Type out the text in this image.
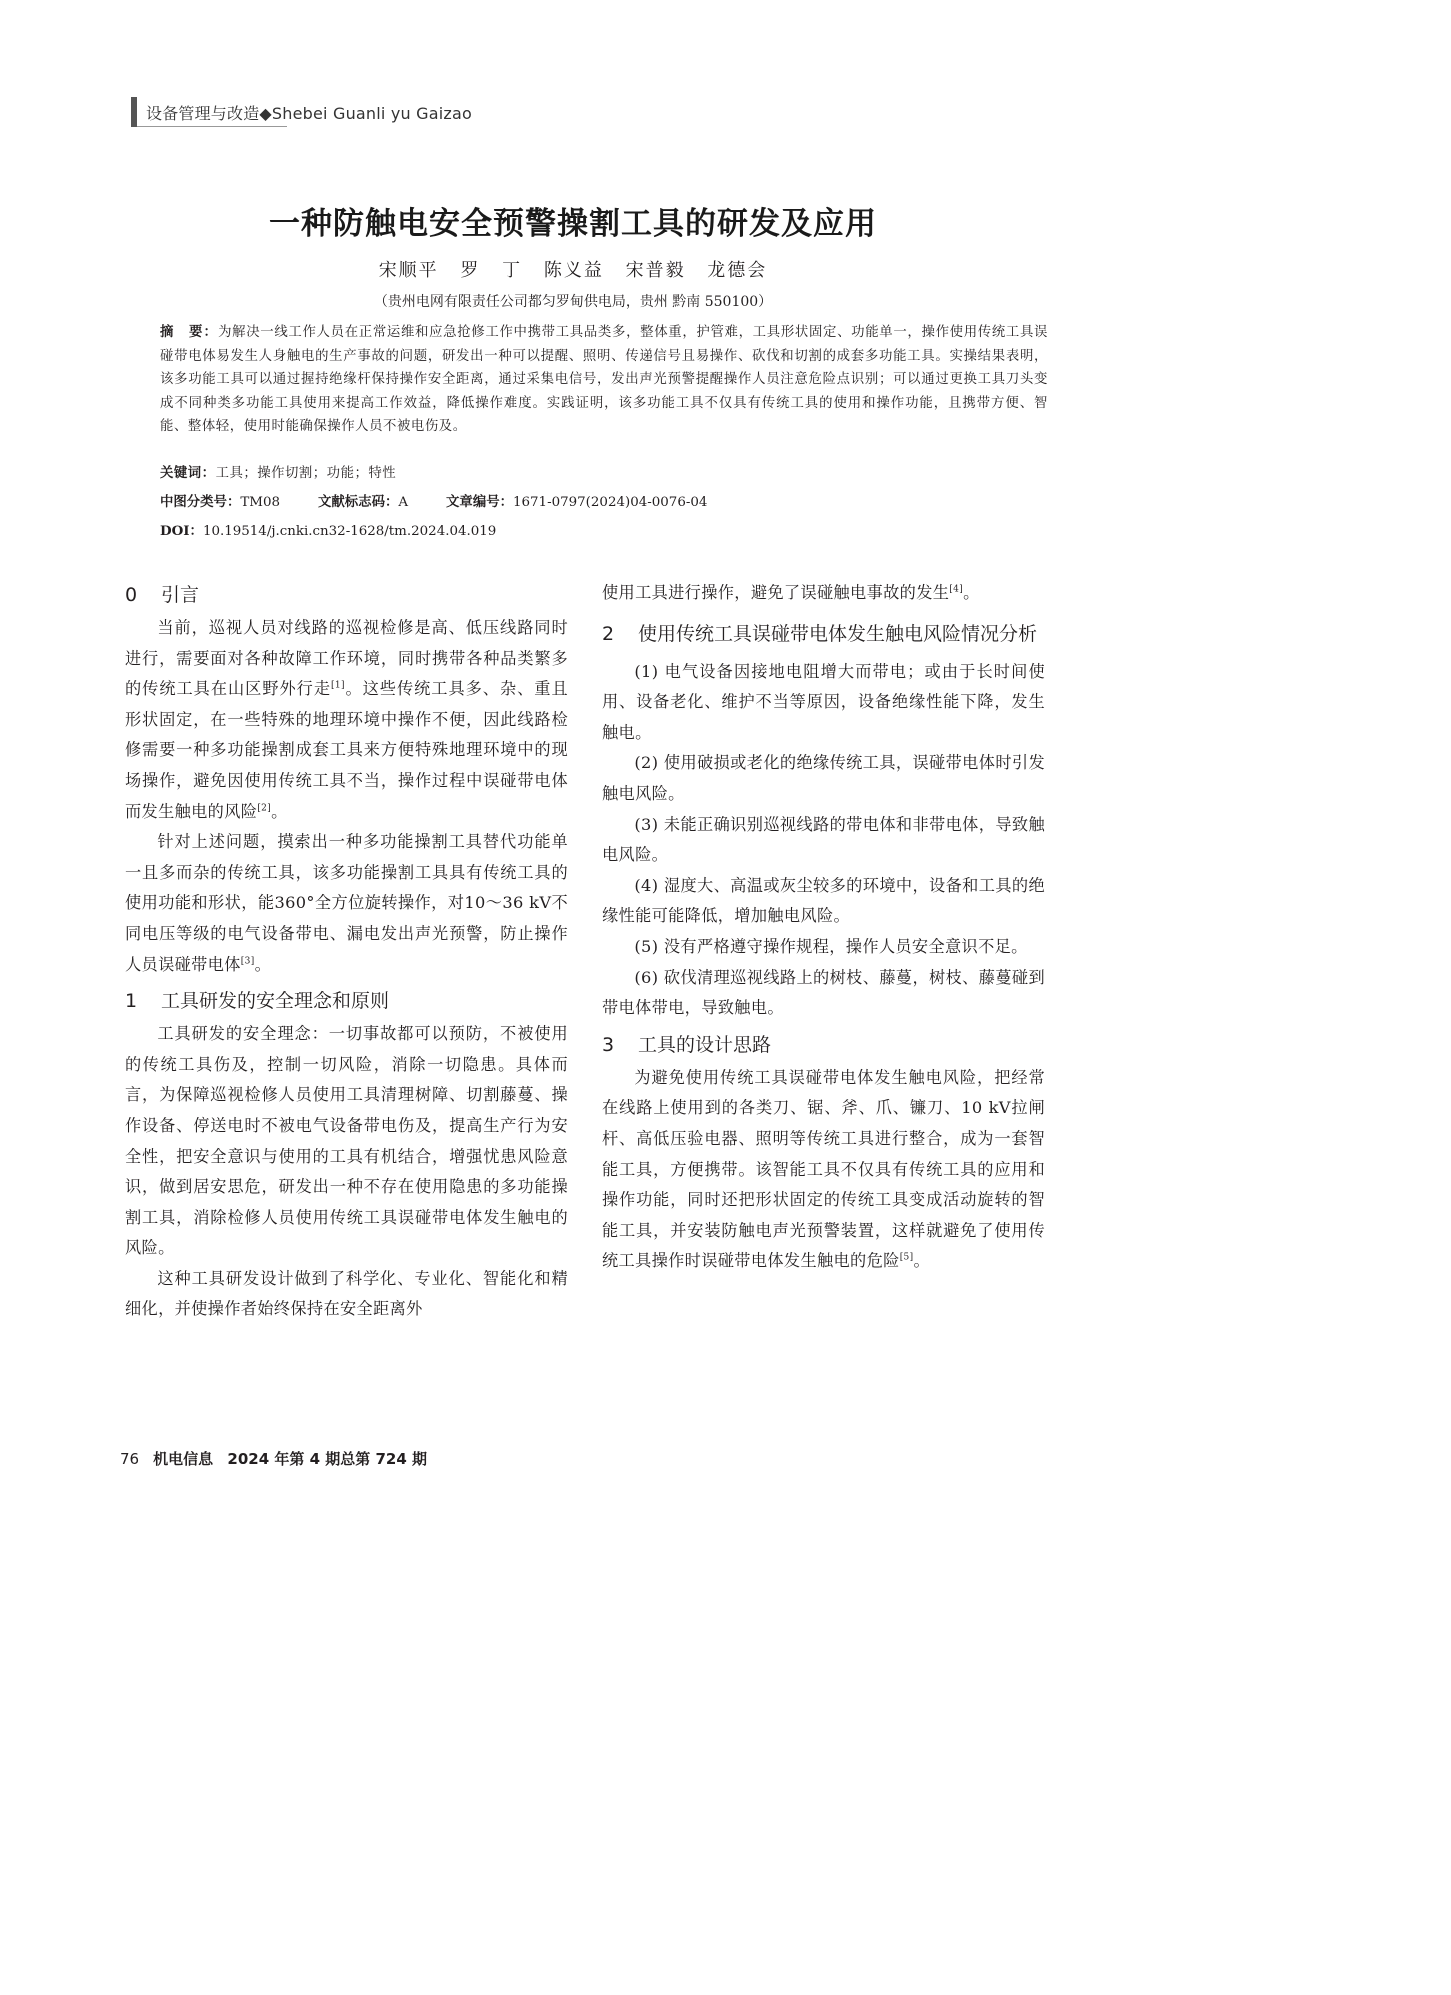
设备管理与改造◆Shebei Guanli yu Gaizao
一种防触电安全预警操割工具的研发及应用
宋顺平 罗 丁 陈义益 宋普毅 龙德会
（贵州电网有限责任公司都匀罗甸供电局，贵州 黔南 550100）
摘　要：为解决一线工作人员在正常运维和应急抢修工作中携带工具品类多，整体重，护管难，工具形状固定、功能单一，操作使用传统工具误碰带电体易发生人身触电的生产事故的问题，研发出一种可以提醒、照明、传递信号且易操作、砍伐和切割的成套多功能工具。实操结果表明，该多功能工具可以通过握持绝缘杆保持操作安全距离，通过采集电信号，发出声光预警提醒操作人员注意危险点识别；可以通过更换工具刀头变成不同种类多功能工具使用来提高工作效益，降低操作难度。实践证明，该多功能工具不仅具有传统工具的使用和操作功能，且携带方便、智能、整体轻，使用时能确保操作人员不被电伤及。
关键词：工具；操作切割；功能；特性
中图分类号：TM08	文献标志码：A	文章编号：1671-0797(2024)04-0076-04
DOI：10.19514/j.cnki.cn32-1628/tm.2024.04.019
0 引言

当前，巡视人员对线路的巡视检修是高、低压线路同时进行，需要面对各种故障工作环境，同时携带各种品类繁多的传统工具在山区野外行走[1]。这些传统工具多、杂、重且形状固定，在一些特殊的地理环境中操作不便，因此线路检修需要一种多功能操割成套工具来方便特殊地理环境中的现场操作，避免因使用传统工具不当，操作过程中误碰带电体而发生触电的风险[2]。

针对上述问题，摸索出一种多功能操割工具替代功能单一且多而杂的传统工具，该多功能操割工具具有传统工具的使用功能和形状，能360°全方位旋转操作，对10～36 kV不同电压等级的电气设备带电、漏电发出声光预警，防止操作人员误碰带电体[3]。

1 工具研发的安全理念和原则

工具研发的安全理念：一切事故都可以预防，不被使用的传统工具伤及，控制一切风险，消除一切隐患。具体而言，为保障巡视检修人员使用工具清理树障、切割藤蔓、操作设备、停送电时不被电气设备带电伤及，提高生产行为安全性，把安全意识与使用的工具有机结合，增强忧患风险意识，做到居安思危，研发出一种不存在使用隐患的多功能操割工具，消除检修人员使用传统工具误碰带电体发生触电的风险。

这种工具研发设计做到了科学化、专业化、智能化和精细化，并使操作者始终保持在安全距离外

使用工具进行操作，避免了误碰触电事故的发生[4]。

2 使用传统工具误碰带电体发生触电风险情况分析

(1) 电气设备因接地电阻增大而带电；或由于长时间使用、设备老化、维护不当等原因，设备绝缘性能下降，发生触电。

(2) 使用破损或老化的绝缘传统工具，误碰带电体时引发触电风险。

(3) 未能正确识别巡视线路的带电体和非带电体，导致触电风险。

(4) 湿度大、高温或灰尘较多的环境中，设备和工具的绝缘性能可能降低，增加触电风险。

(5) 没有严格遵守操作规程，操作人员安全意识不足。

(6) 砍伐清理巡视线路上的树枝、藤蔓，树枝、藤蔓碰到带电体带电，导致触电。

3 工具的设计思路

为避免使用传统工具误碰带电体发生触电风险，把经常在线路上使用到的各类刀、锯、斧、爪、镰刀、10 kV拉闸杆、高低压验电器、照明等传统工具进行整合，成为一套智能工具，方便携带。该智能工具不仅具有传统工具的应用和操作功能，同时还把形状固定的传统工具变成活动旋转的智能工具，并安装防触电声光预警装置，这样就避免了使用传统工具操作时误碰带电体发生触电的危险[5]。

76 机电信息 2024 年第 4 期总第 724 期
